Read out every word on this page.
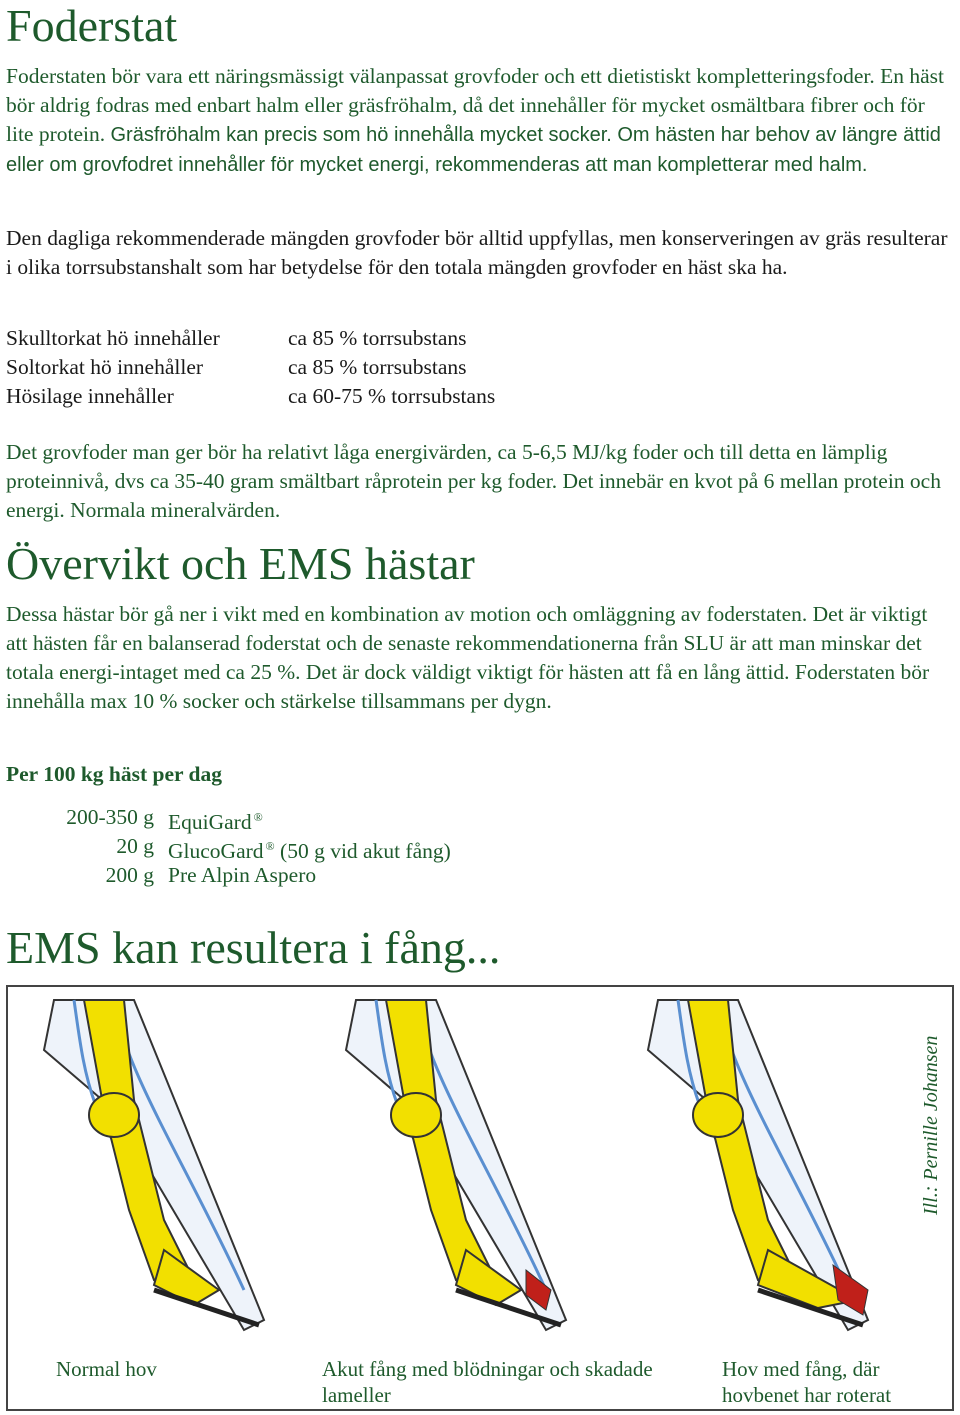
Foderstat

Foderstaten bör vara ett näringsmässigt välanpassat grovfoder och ett dietistiskt kompletteringsfoder. En häst bör aldrig fodras med enbart halm eller gräsfröhalm, då det innehåller för mycket osmältbara fibrer och för lite protein. Gräsfröhalm kan precis som hö innehålla mycket socker. Om hästen har behov av längre ättid eller om grovfodret innehåller för mycket energi, rekommenderas att man kompletterar med halm.

Den dagliga rekommenderade mängden grovfoder bör alltid uppfyllas, men konserveringen av gräs resulterar i olika torrsubstanshalt som har betydelse för den totala mängden grovfoder en häst ska ha.

Skulltorkat hö innehåller	ca 85 % torrsubstans
Soltorkat hö innehåller	ca 85 % torrsubstans
Hösilage innehåller	ca 60-75 % torrsubstans

Det grovfoder man ger bör ha relativt låga energivärden, ca 5-6,5 MJ/kg foder och till detta en lämplig proteinnivå, dvs ca 35-40 gram smältbart råprotein per kg foder. Det innebär en kvot på 6 mellan protein och energi. Normala mineralvärden.

Övervikt och EMS hästar

Dessa hästar bör gå ner i vikt med en kombination av motion och omläggning av foderstaten. Det är viktigt att hästen får en balanserad foderstat och de senaste rekommendationerna från SLU är att man minskar det totala energi-intaget med ca 25 %. Det är dock väldigt viktigt för hästen att få en lång ättid. Foderstaten bör innehålla max 10 % socker och stärkelse tillsammans per dygn.

Per 100 kg häst per dag
200-350 g EquiGard ®
20 g GlucoGard ® (50 g vid akut fång)
200 g Pre Alpin Aspero
EMS kan resultera i fång...
Ill.: Pernille Johansen
Normal hov	Akut fång med blödningar och skadade lameller
Hov med fång, där hovbenet har roterat
